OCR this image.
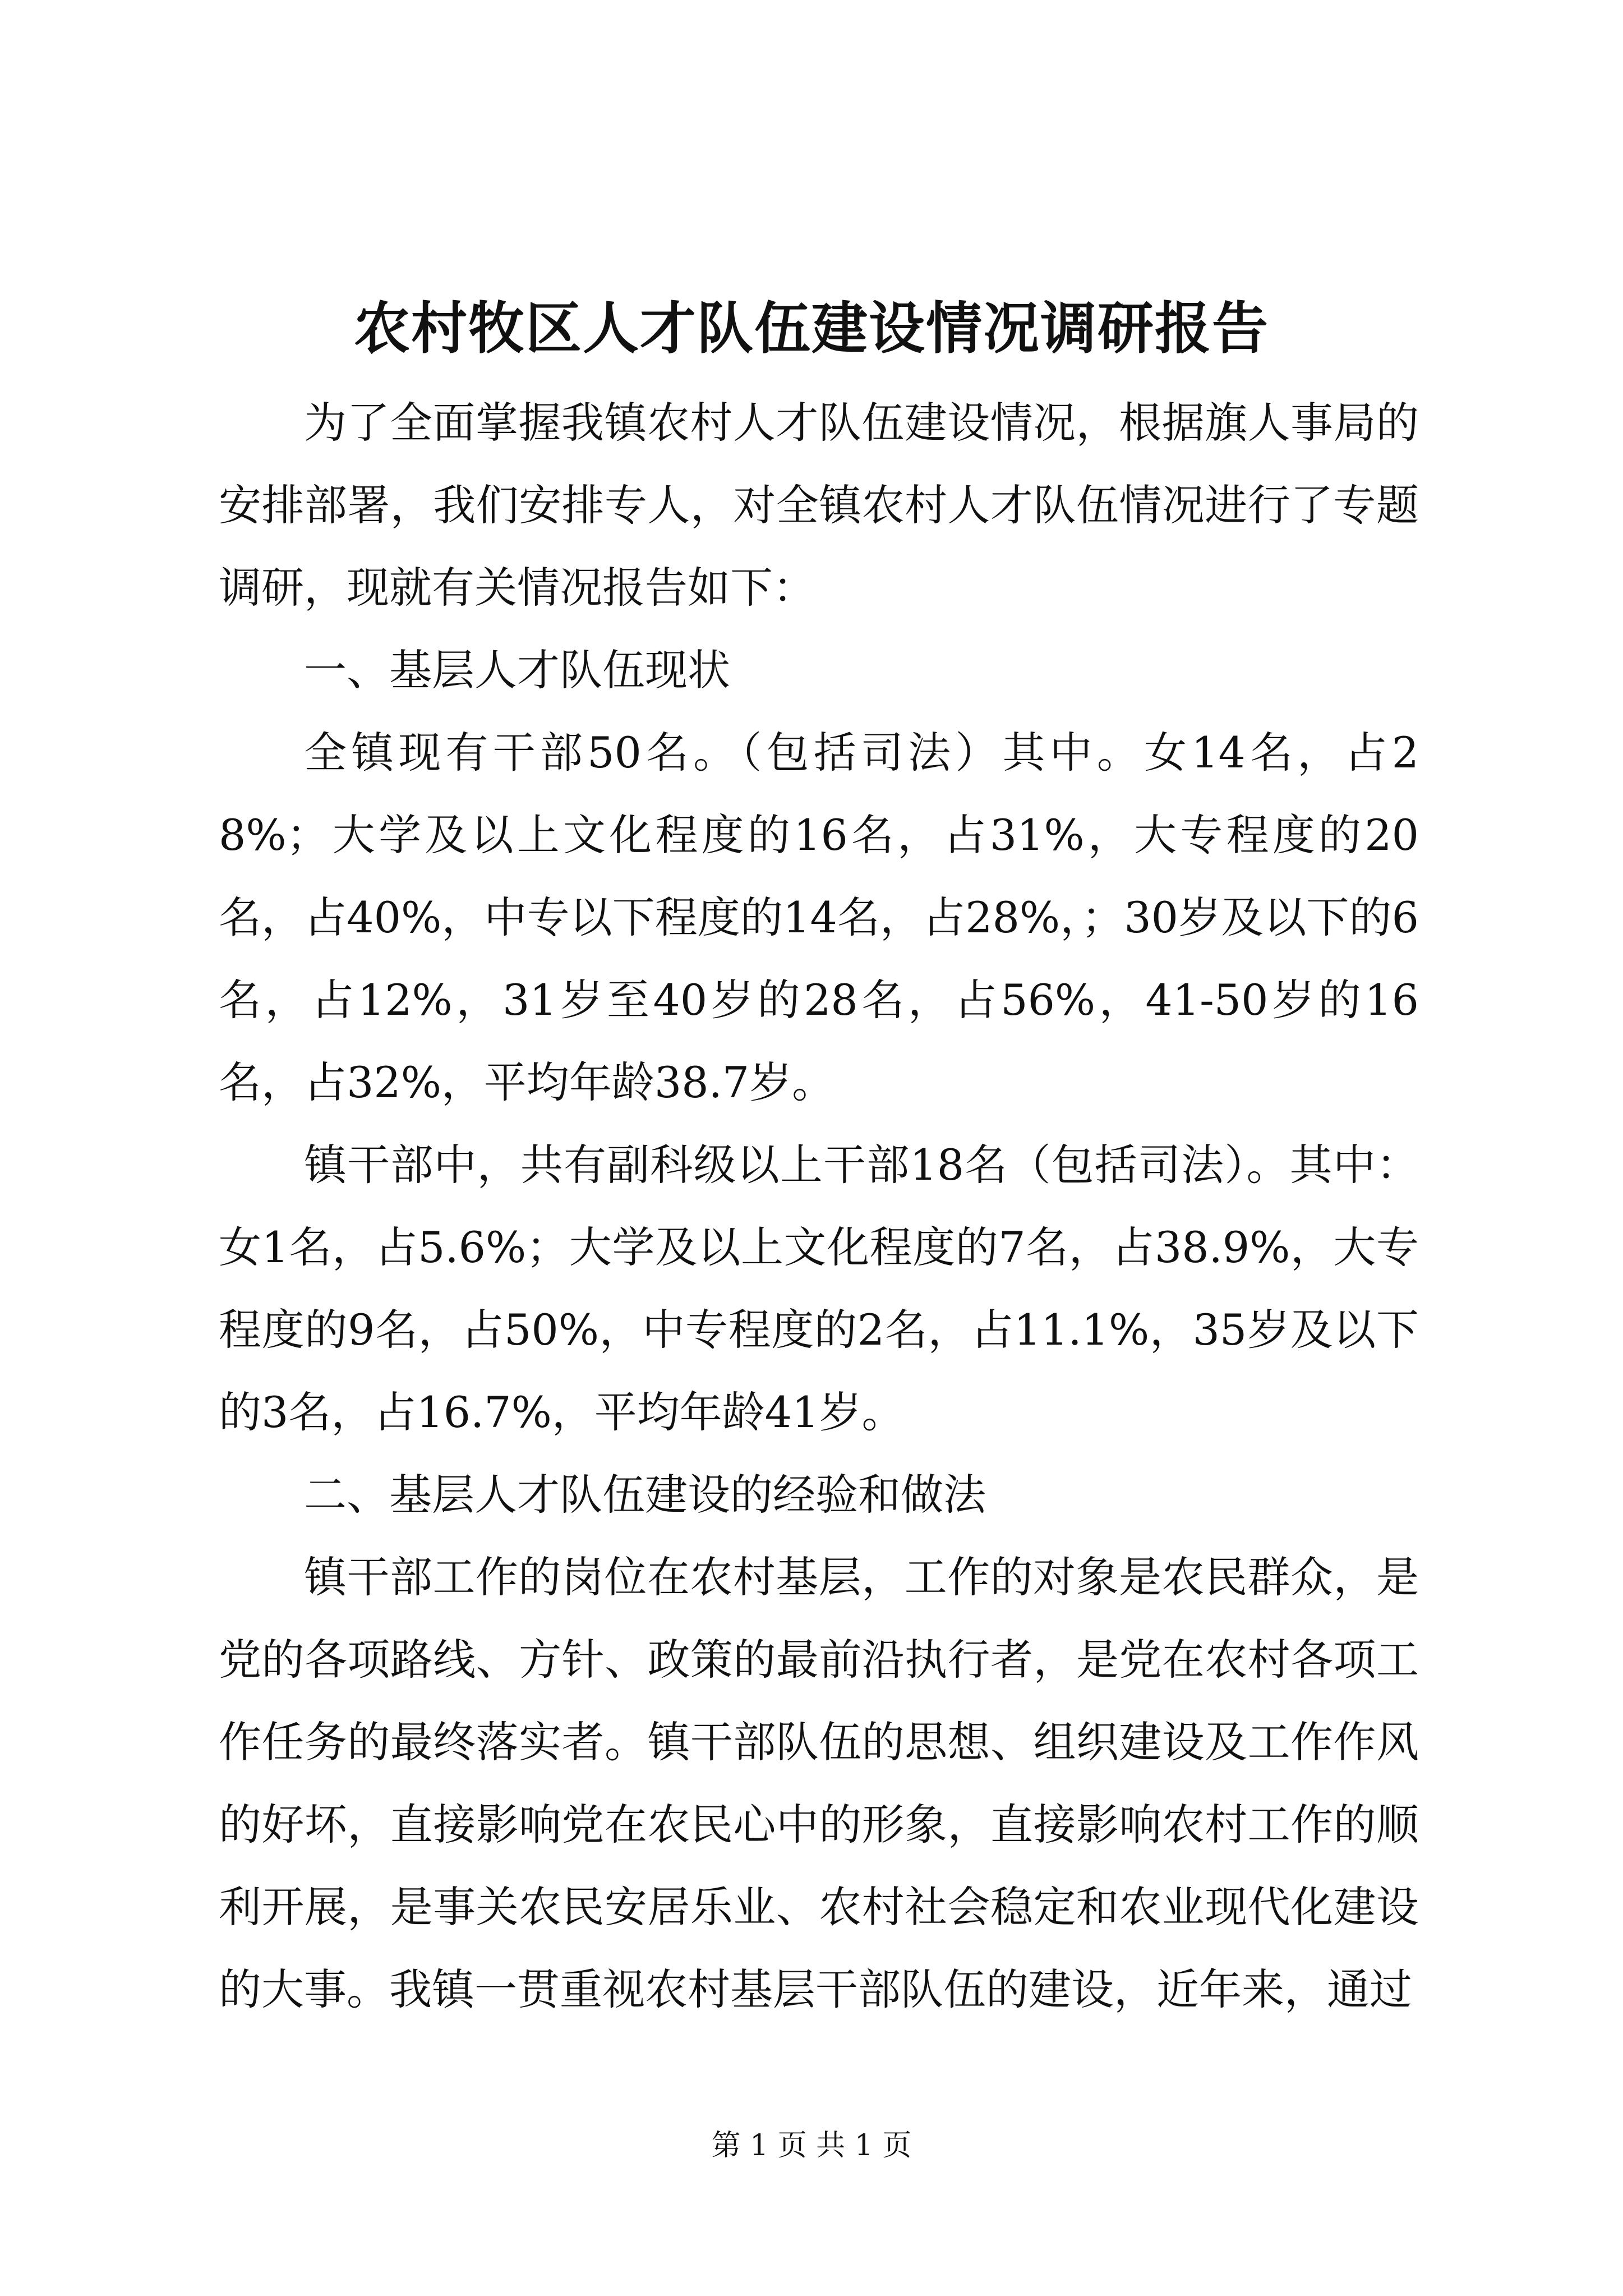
农村牧区人才队伍建设情况调研报告

为了全面掌握我镇农村人才队伍建设情况，根据旗人事局的安排部署，我们安排专人，对全镇农村人才队伍情况进行了专题调研，现就有关情况报告如下：

一、基层人才队伍现状

全镇现有干部50名。（包括司法）其中。女14名，占28%；大学及以上文化程度的16名，占31%，大专程度的20名，占40%，中专以下程度的14名，占28%，；30岁及以下的6名，占12%，31岁至40岁的28名，占56%，41-50岁的16名，占32%，平均年龄38.7岁。

镇干部中，共有副科级以上干部18名（包括司法）。其中：女1名，占5.6%；大学及以上文化程度的7名，占38.9%，大专程度的9名，占50%，中专程度的2名，占11.1%，35岁及以下的3名，占16.7%，平均年龄41岁。

二、基层人才队伍建设的经验和做法

镇干部工作的岗位在农村基层，工作的对象是农民群众，是党的各项路线、方针、政策的最前沿执行者，是党在农村各项工作任务的最终落实者。镇干部队伍的思想、组织建设及工作作风的好坏，直接影响党在农民心中的形象，直接影响农村工作的顺利开展，是事关农民安居乐业、农村社会稳定和农业现代化建设的大事。我镇一贯重视农村基层干部队伍的建设，近年来，通过

第 1 页 共 1 页
